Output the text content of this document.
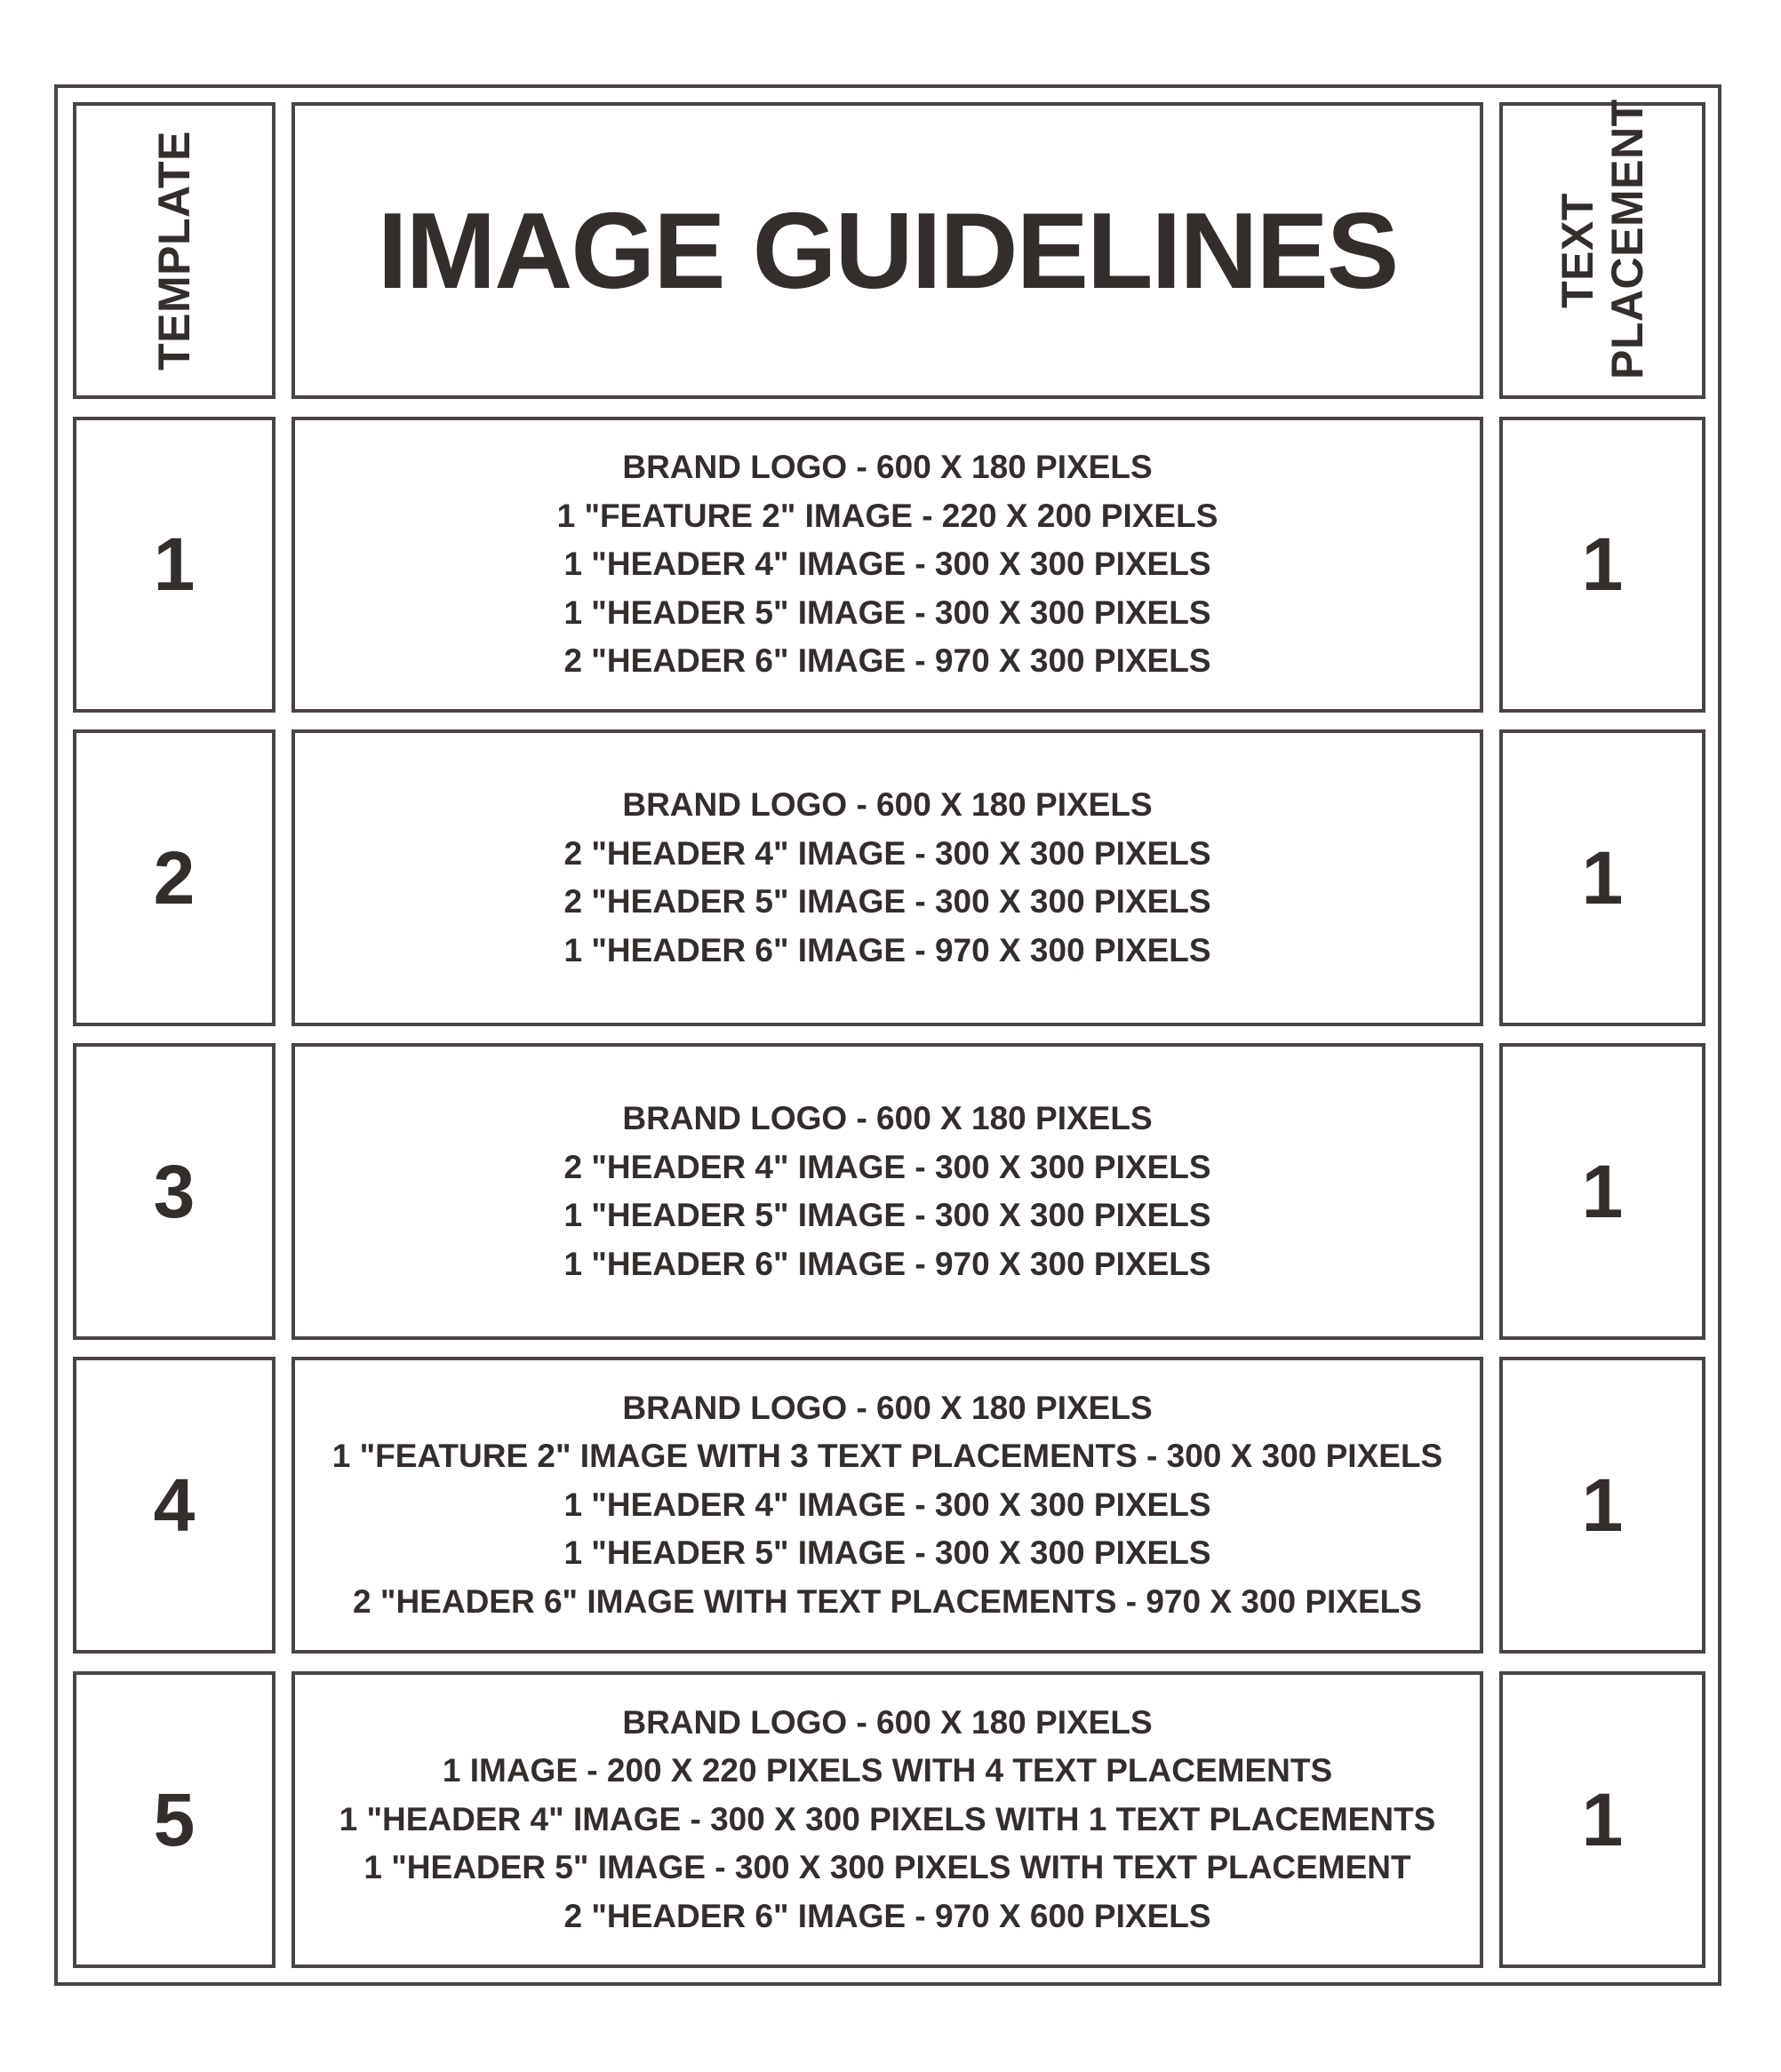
TEMPLATE IMAGE GUIDELINES	TEXT PLACEMENT
1
BRAND LOGO - 600 X 180 PIXELS
1 "FEATURE 2" IMAGE - 220 X 200 PIXELS
1 "HEADER 4" IMAGE - 300 X 300 PIXELS
1 "HEADER 5" IMAGE - 300 X 300 PIXELS
2 "HEADER 6" IMAGE - 970 X 300 PIXELS
1
2
BRAND LOGO - 600 X 180 PIXELS
2 "HEADER 4" IMAGE - 300 X 300 PIXELS
2 "HEADER 5" IMAGE - 300 X 300 PIXELS
1 "HEADER 6" IMAGE - 970 X 300 PIXELS
1
3
BRAND LOGO - 600 X 180 PIXELS
2 "HEADER 4" IMAGE - 300 X 300 PIXELS
1 "HEADER 5" IMAGE - 300 X 300 PIXELS
1 "HEADER 6" IMAGE - 970 X 300 PIXELS
1
4
BRAND LOGO - 600 X 180 PIXELS
1 "FEATURE 2" IMAGE WITH 3 TEXT PLACEMENTS - 300 X 300 PIXELS
1 "HEADER 4" IMAGE - 300 X 300 PIXELS
1 "HEADER 5" IMAGE - 300 X 300 PIXELS
2 "HEADER 6" IMAGE WITH TEXT PLACEMENTS - 970 X 300 PIXELS
1
5
BRAND LOGO - 600 X 180 PIXELS
1 IMAGE - 200 X 220 PIXELS WITH 4 TEXT PLACEMENTS
1 "HEADER 4" IMAGE - 300 X 300 PIXELS WITH 1 TEXT PLACEMENTS
1 "HEADER 5" IMAGE - 300 X 300 PIXELS WITH TEXT PLACEMENT
2 "HEADER 6" IMAGE - 970 X 600 PIXELS
1
